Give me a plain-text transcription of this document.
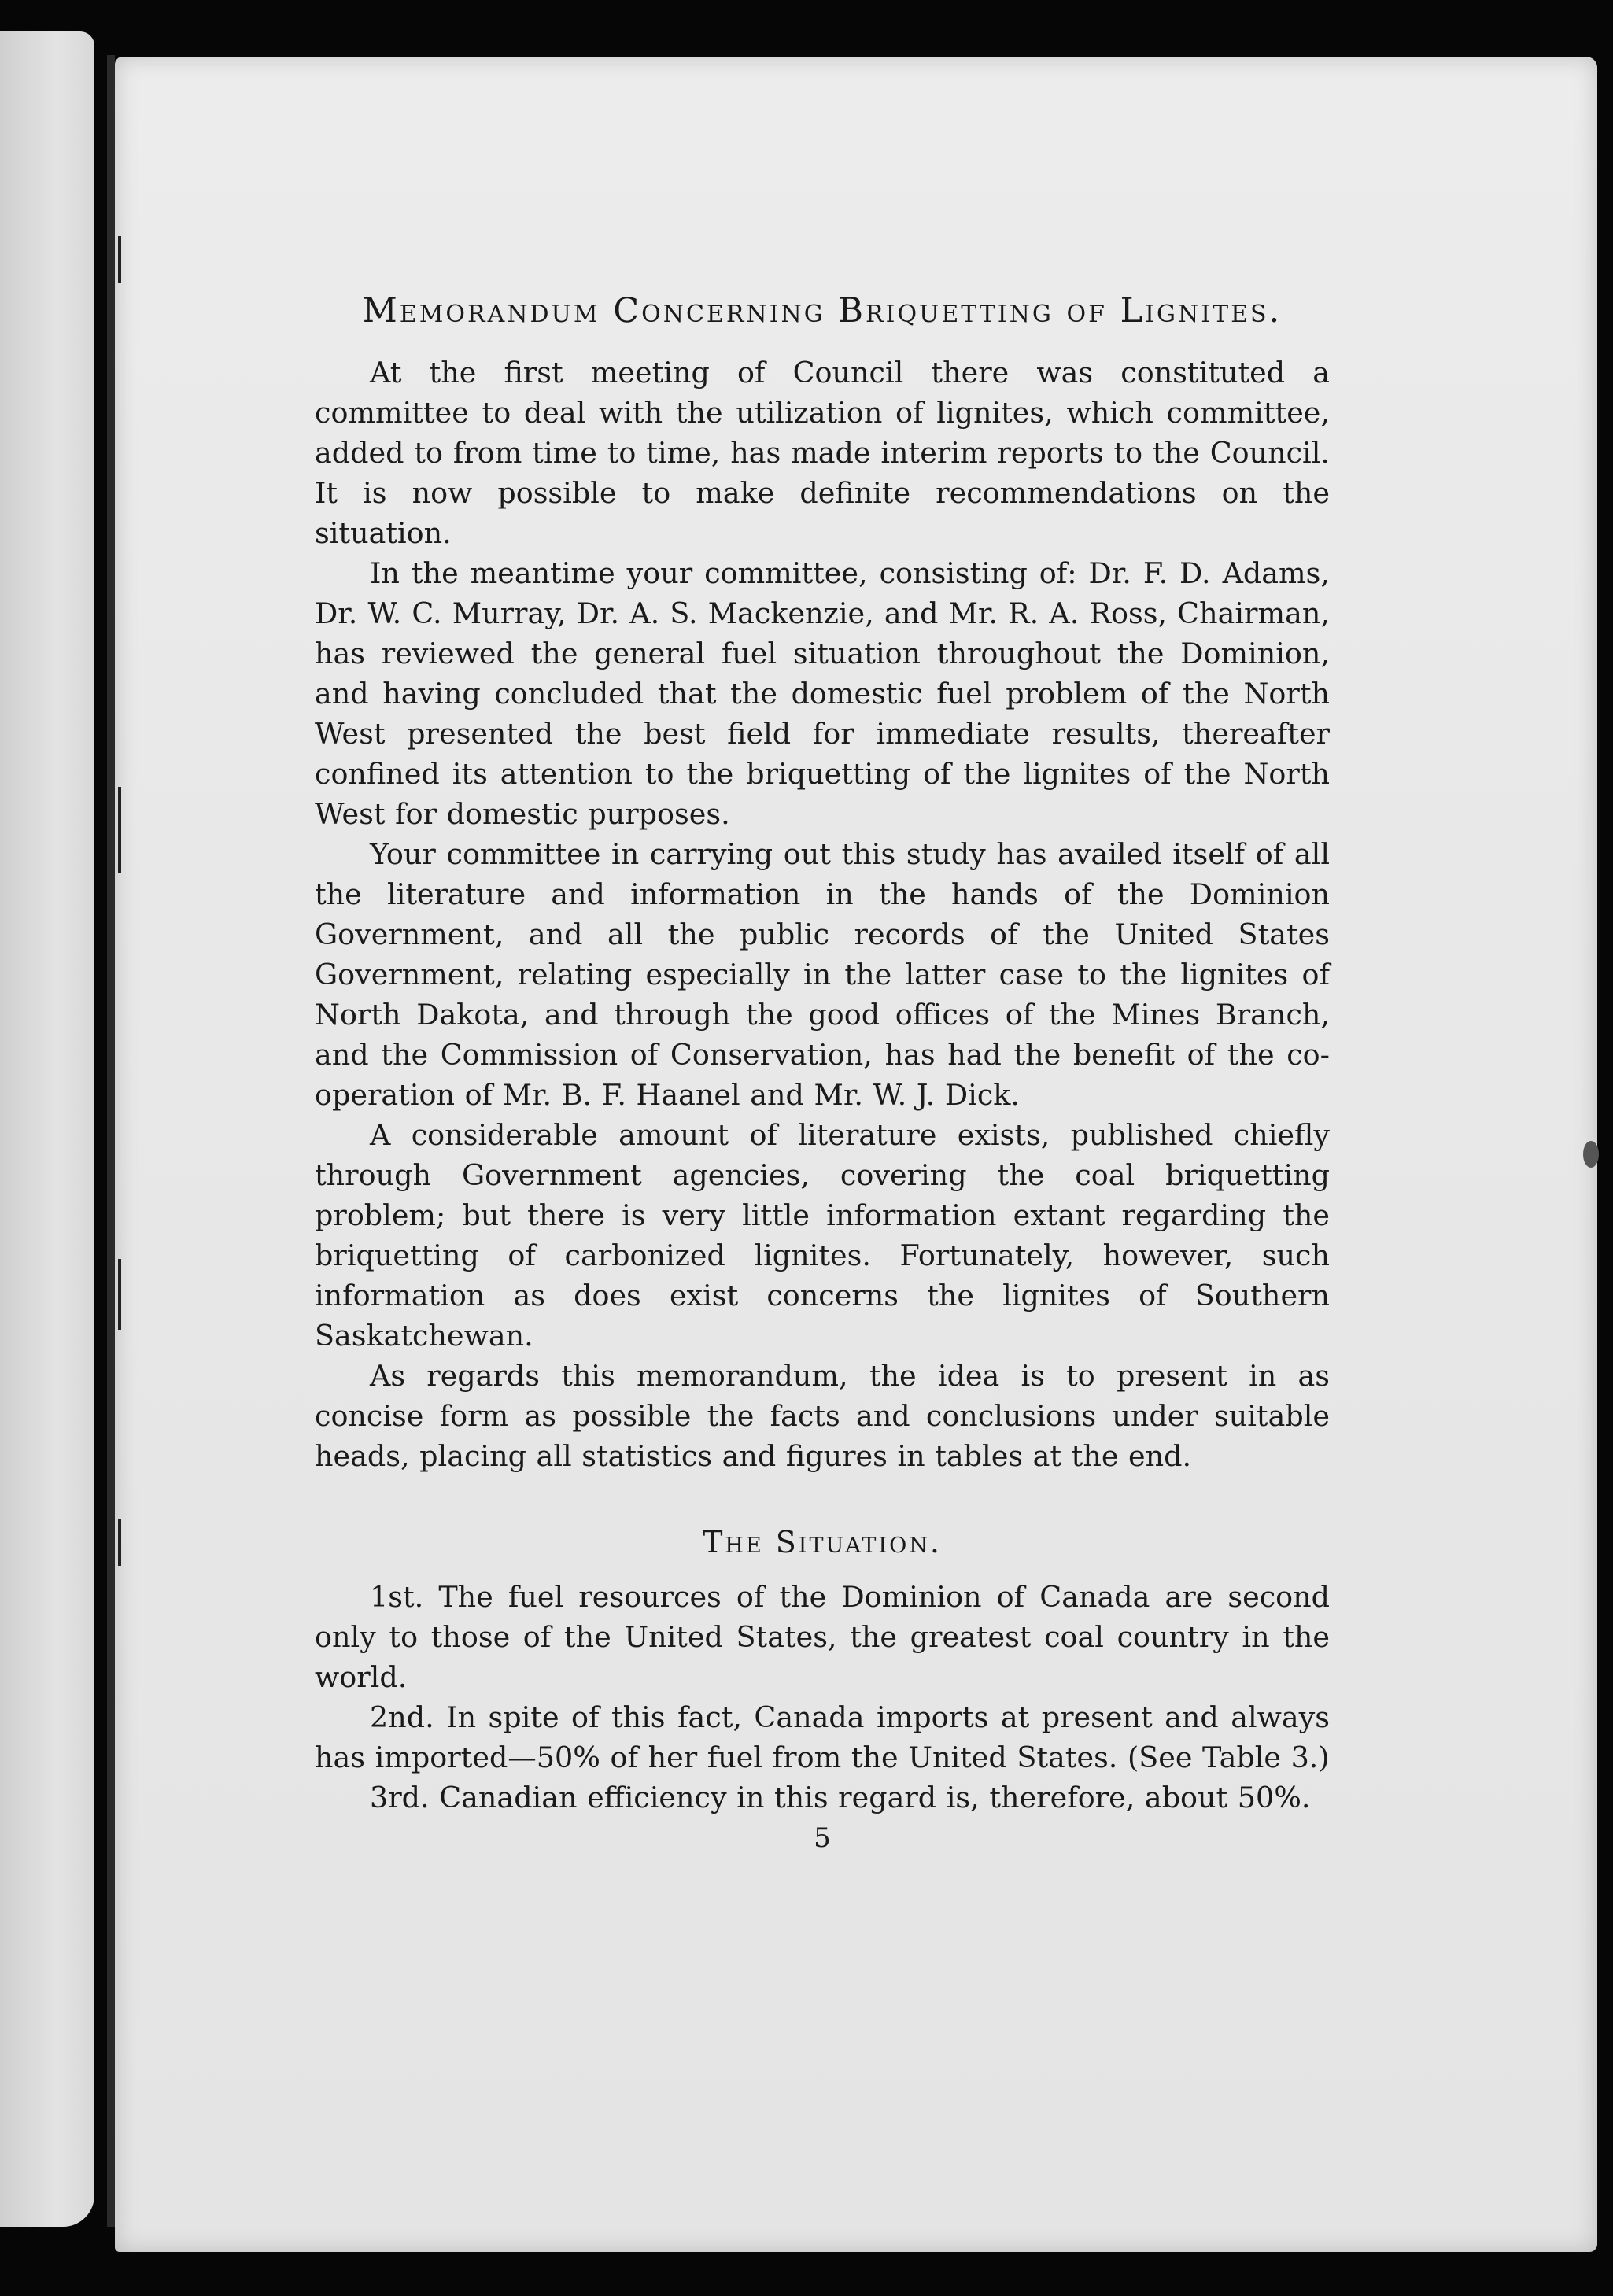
Memorandum Concerning Briquetting of Lignites.

At the first meeting of Council there was constituted a committee to deal with the utilization of lignites, which committee, added to from time to time, has made interim reports to the Council. It is now possible to make definite recommendations on the situation.

In the meantime your committee, consisting of: Dr. F. D. Adams, Dr. W. C. Murray, Dr. A. S. Mackenzie, and Mr. R. A. Ross, Chairman, has reviewed the general fuel situation throughout the Dominion, and having concluded that the domestic fuel problem of the North West presented the best field for immediate results, thereafter confined its attention to the briquetting of the lignites of the North West for domestic purposes.

Your committee in carrying out this study has availed itself of all the literature and information in the hands of the Dominion Government, and all the public records of the United States Government, relating especially in the latter case to the lignites of North Dakota, and through the good offices of the Mines Branch, and the Commission of Conservation, has had the benefit of the co-operation of Mr. B. F. Haanel and Mr. W. J. Dick.

A considerable amount of literature exists, published chiefly through Government agencies, covering the coal briquetting problem; but there is very little information extant regarding the briquetting of carbonized lignites. Fortunately, however, such information as does exist concerns the lignites of Southern Saskatchewan.

As regards this memorandum, the idea is to present in as concise form as possible the facts and conclusions under suitable heads, placing all statistics and figures in tables at the end.

The Situation.

1st. The fuel resources of the Dominion of Canada are second only to those of the United States, the greatest coal country in the world.

2nd. In spite of this fact, Canada imports at present and always has imported—50% of her fuel from the United States. (See Table 3.)

3rd. Canadian efficiency in this regard is, therefore, about 50%.

5
